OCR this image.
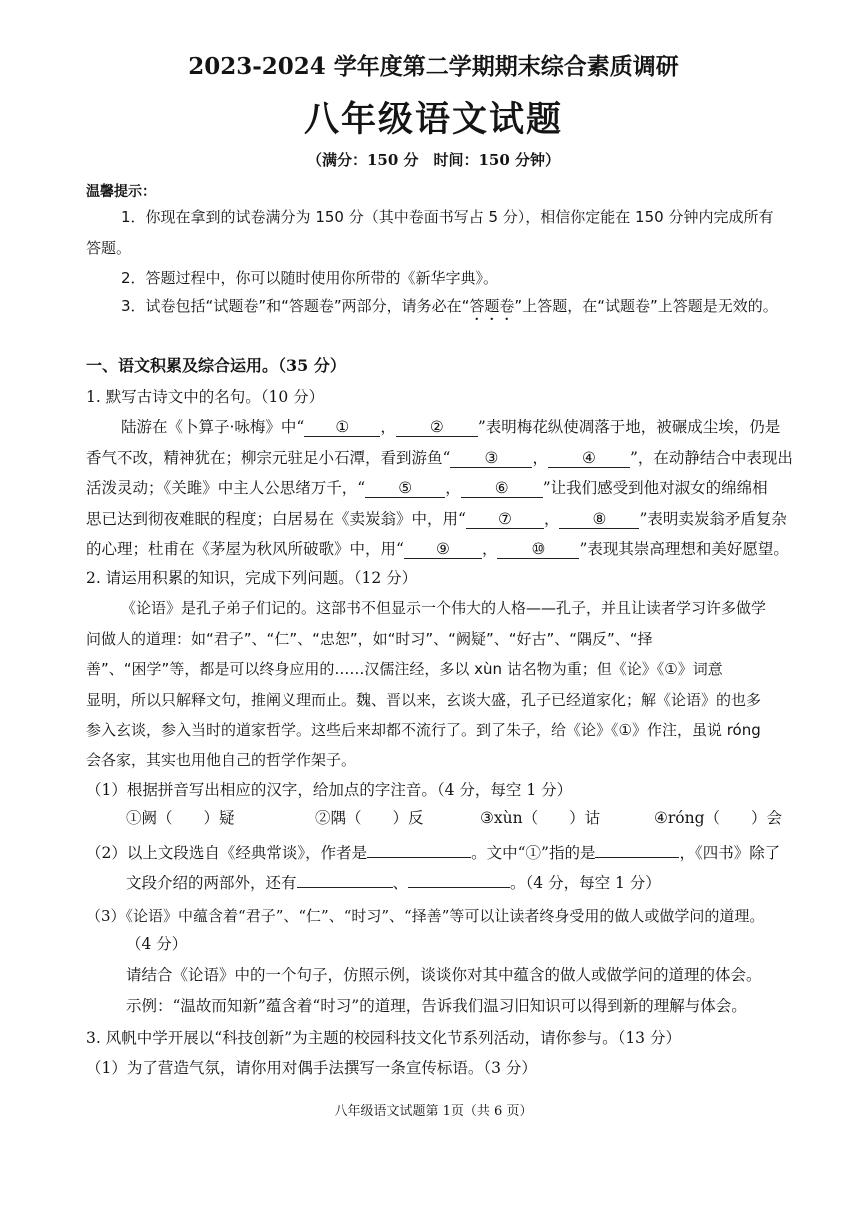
2023-2024 学年度第二学期期末综合素质调研
八年级语文试题
（满分：150 分　时间：150 分钟）
温馨提示：
1．你现在拿到的试卷满分为 150 分（其中卷面书写占 5 分），相信你定能在 150 分钟内完成所有
答题。
2．答题过程中，你可以随时使用你所带的《新华字典》。
3．试卷包括“试题卷”和“答题卷”两部分，请务必在“答题卷”上答题，在“试题卷”上答题是无效的。
一、语文积累及综合运用。（35 分）
1. 默写古诗文中的名句。（10 分）
陆游在《卜算子·咏梅》中“ ① ， ② ”表明梅花纵使凋落于地，被碾成尘埃，仍是
香气不改，精神犹在；柳宗元驻足小石潭，看到游鱼“ ③ ， ④ ”，在动静结合中表现出
活泼灵动；《关雎》中主人公思绪万千，“ ⑤ ， ⑥ ”让我们感受到他对淑女的绵绵相
思已达到彻夜难眠的程度；白居易在《卖炭翁》中，用“ ⑦ ， ⑧ ”表明卖炭翁矛盾复杂
的心理；杜甫在《茅屋为秋风所破歌》中，用“ ⑨ ， ⑩ ”表现其崇高理想和美好愿望。
2. 请运用积累的知识，完成下列问题。（12 分）
《论语》是孔子弟子们记的。这部书不但显示一个伟大的人格——孔子，并且让读者学习许多做学
问做人的道理：如“君子”、“仁”、“忠恕”，如“时习”、“阙疑”、“好古”、“隅反”、“择
善”、“困学”等，都是可以终身应用的……汉儒注经，多以 xùn 诂名物为重；但《论》《①》词意
显明，所以只解释文句，推阐义理而止。魏、晋以来，玄谈大盛，孔子已经道家化；解《论语》的也多
参入玄谈，参入当时的道家哲学。这些后来却都不流行了。到了朱子，给《论》《①》作注，虽说 róng
会各家，其实也用他自己的哲学作架子。
（1）根据拼音写出相应的汉字，给加点的字注音。（4 分，每空 1 分）
①阙（　　）疑	②隅（　　）反	③xùn（　　）诂	④róng（　　）会
（2）以上文段选自《经典常谈》，作者是	。文中“①”指的是	，《四书》除了
文段介绍的两部外，还有	、	。（4 分，每空 1 分）
（3）《论语》中蕴含着“君子”、“仁”、“时习”、“择善”等可以让读者终身受用的做人或做学问的道理。
（4 分）
请结合《论语》中的一个句子，仿照示例，谈谈你对其中蕴含的做人或做学问的道理的体会。
示例：“温故而知新”蕴含着“时习”的道理，告诉我们温习旧知识可以得到新的理解与体会。
3. 风帆中学开展以“科技创新”为主题的校园科技文化节系列活动，请你参与。（13 分）
（1）为了营造气氛，请你用对偶手法撰写一条宣传标语。（3 分）
八年级语文试题第 1页（共 6 页）
